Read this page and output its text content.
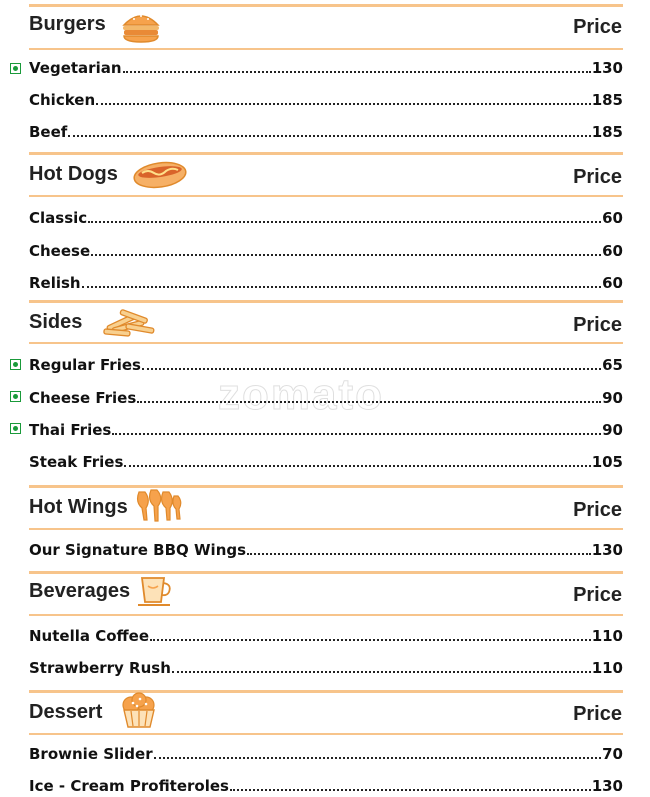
zomato
Burgers	Price
Vegetarian	130
Chicken	185
Beef	185
Hot Dogs	Price
Classic	60
Cheese	60
Relish	60
Sides	Price
Regular Fries	65
Cheese Fries	90
Thai Fries	90
Steak Fries	105
Hot Wings	Price
Our Signature BBQ Wings	130
Beverages	Price
Nutella Coffee	110
Strawberry Rush	110
Dessert	Price
Brownie Slider	70
Ice - Cream Profiteroles	130
